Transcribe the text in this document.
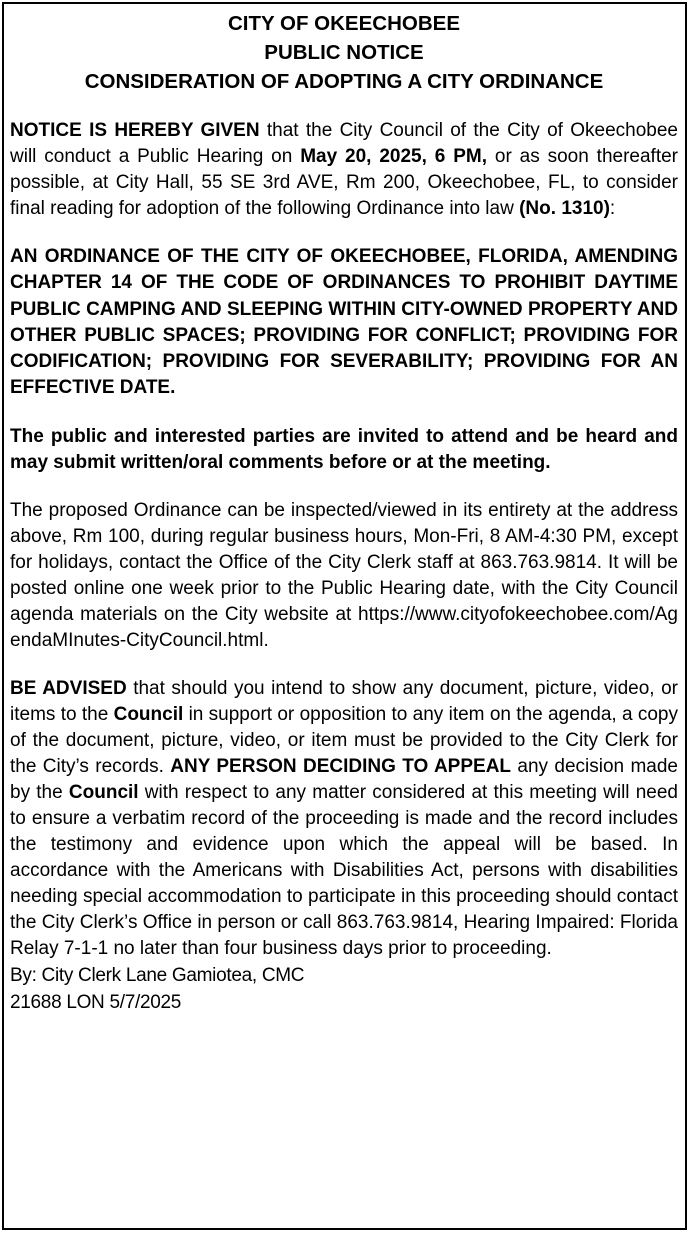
CITY OF OKEECHOBEE

PUBLIC NOTICE

CONSIDERATION OF ADOPTING A CITY ORDINANCE

NOTICE IS HEREBY GIVEN that the City Council of the City of Okeechobee will conduct a Public Hearing on May 20, 2025, 6 PM, or as soon thereafter possible, at City Hall, 55 SE 3rd AVE, Rm 200, Okeechobee, FL, to consider final reading for adoption of the following Ordinance into law (No. 1310):

AN ORDINANCE OF THE CITY OF OKEECHOBEE, FLORIDA, AMENDING CHAPTER 14 OF THE CODE OF ORDINANCES TO PROHIBIT DAYTIME PUBLIC CAMPING AND SLEEPING WITHIN CITY-OWNED PROPERTY AND OTHER PUBLIC SPACES; PROVIDING FOR CONFLICT; PROVIDING FOR CODIFICATION; PROVIDING FOR SEVERABILITY; PROVIDING FOR AN EFFECTIVE DATE.

The public and interested parties are invited to attend and be heard and may submit written/oral comments before or at the meeting.

The proposed Ordinance can be inspected/viewed in its entirety at the address above, Rm 100, during regular business hours, Mon-Fri, 8 AM-4:30 PM, except for holidays, contact the Office of the City Clerk staff at 863.763.9814. It will be posted online one week prior to the Public Hearing date, with the City Council agenda materials on the City website at https://www.cityofokeechobee.com/AgendaMInutes-CityCouncil.html.

BE ADVISED that should you intend to show any document, picture, video, or items to the Council in support or opposition to any item on the agenda, a copy of the document, picture, video, or item must be provided to the City Clerk for the City’s records. ANY PERSON DECIDING TO APPEAL any decision made by the Council with respect to any matter considered at this meeting will need to ensure a verbatim record of the proceeding is made and the record includes the testimony and evidence upon which the appeal will be based. In accordance with the Americans with Disabilities Act, persons with disabilities needing special accommodation to participate in this proceeding should contact the City Clerk’s Office in person or call 863.763.9814, Hearing Impaired: Florida Relay 7-1-1 no later than four business days prior to proceeding.

By: City Clerk Lane Gamiotea, CMC

21688 LON 5/7/2025
